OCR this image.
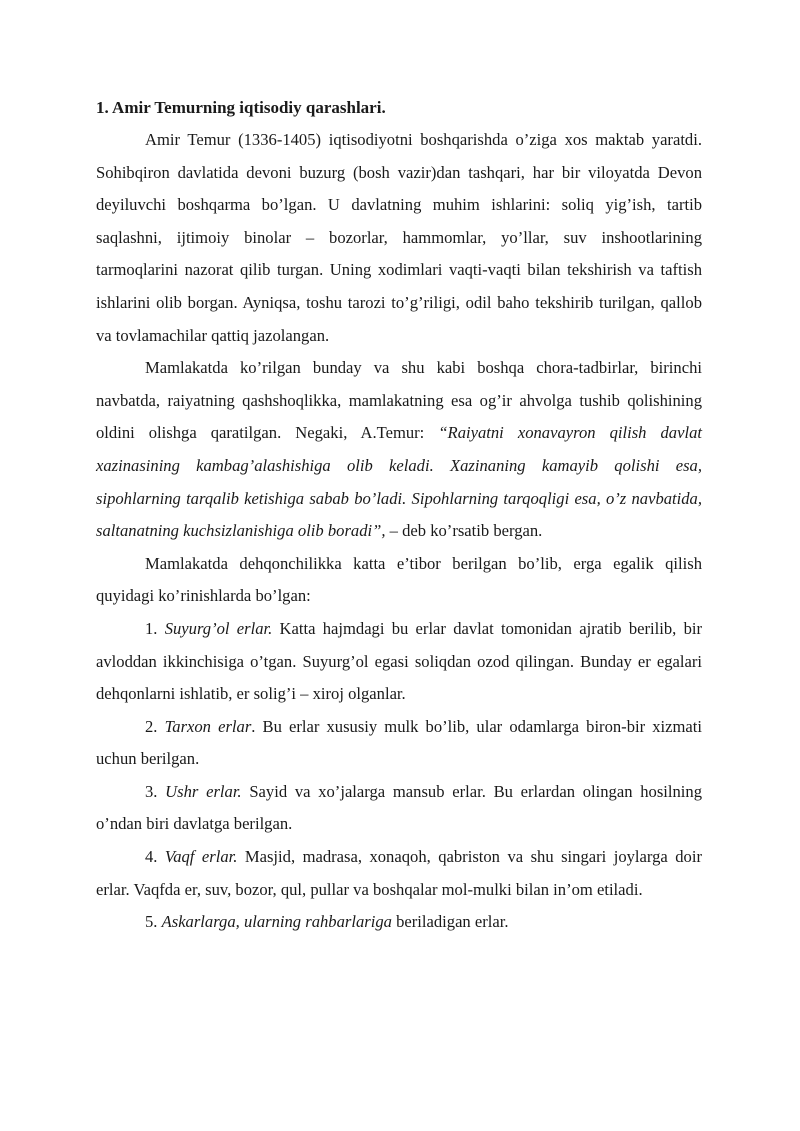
1. Amir Temurning iqtisodiy qarashlari.

Amir Temur (1336-1405) iqtisodiyotni boshqarishda o’ziga xos maktab yaratdi. Sohibqiron davlatida devoni buzurg (bosh vazir)dan tashqari, har bir viloyatda Devon deyiluvchi boshqarma bo’lgan. U davlatning muhim ishlarini: soliq yig’ish, tartib saqlashni, ijtimoiy binolar – bozorlar, hammomlar, yo’llar, suv inshootlarining tarmoqlarini nazorat qilib turgan. Uning xodimlari vaqti-vaqti bilan tekshirish va taftish ishlarini olib borgan. Ayniqsa, toshu tarozi to’g’riligi, odil baho tekshirib turilgan, qallob va tovlamachilar qattiq jazolangan.

Mamlakatda ko’rilgan bunday va shu kabi boshqa chora-tadbirlar, birinchi navbatda, raiyatning qashshoqlikka, mamlakatning esa og’ir ahvolga tushib qolishining oldini olishga qaratilgan. Negaki, A.Temur: “Raiyatni xonavayron qilish davlat xazinasining kambag’alashishiga olib keladi. Xazinaning kamayib qolishi esa, sipohlarning tarqalib ketishiga sabab bo’ladi. Sipohlarning tarqoqligi esa, o’z navbatida, saltanatning kuchsizlanishiga olib boradi”, – deb ko’rsatib bergan.

Mamlakatda dehqonchilikka katta e’tibor berilgan bo’lib, erga egalik qilish quyidagi ko’rinishlarda bo’lgan:

1. Suyurg’ol erlar. Katta hajmdagi bu erlar davlat tomonidan ajratib berilib, bir avloddan ikkinchisiga o’tgan. Suyurg’ol egasi soliqdan ozod qilingan. Bunday er egalari dehqonlarni ishlatib, er solig’i – xiroj olganlar.

2. Tarxon erlar. Bu erlar xususiy mulk bo’lib, ular odamlarga biron-bir xizmati uchun berilgan.

3. Ushr erlar. Sayid va xo’jalarga mansub erlar. Bu erlardan olingan hosilning o’ndan biri davlatga berilgan.

4. Vaqf erlar. Masjid, madrasa, xonaqoh, qabriston va shu singari joylarga doir erlar. Vaqfda er, suv, bozor, qul, pullar va boshqalar mol-mulki bilan in’om etiladi.

5. Askarlarga, ularning rahbarlariga beriladigan erlar.
